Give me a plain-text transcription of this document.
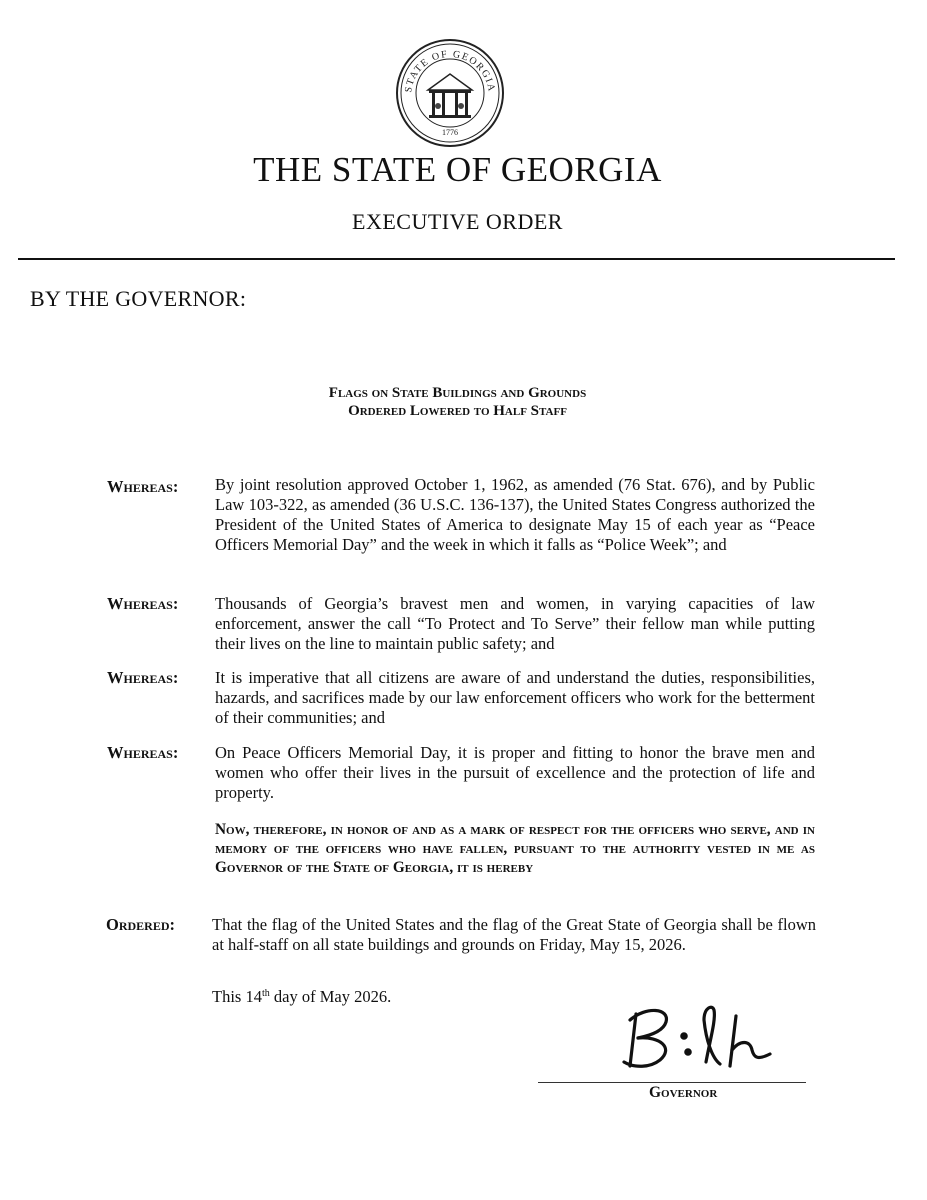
STATE OF GEORGIA
1776
THE STATE OF GEORGIA
EXECUTIVE ORDER
BY THE GOVERNOR:
Flags on State Buildings and Grounds
Ordered Lowered to Half Staff
Whereas: By joint resolution approved October 1, 1962, as amended (76 Stat. 676), and by Public Law 103-322, as amended (36 U.S.C. 136-137), the United States Congress authorized the President of the United States of America to designate May 15 of each year as “Peace Officers Memorial Day” and the week in which it falls as “Police Week”; and
Whereas: Thousands of Georgia’s bravest men and women, in varying capacities of law enforcement, answer the call “To Protect and To Serve” their fellow man while putting their lives on the line to maintain public safety; and
Whereas: It is imperative that all citizens are aware of and understand the duties, responsibilities, hazards, and sacrifices made by our law enforcement officers who work for the betterment of their communities; and
Whereas: On Peace Officers Memorial Day, it is proper and fitting to honor the brave men and women who offer their lives in the pursuit of excellence and the protection of life and property.
Now, therefore, in honor of and as a mark of respect for the officers who serve, and in memory of the officers who have fallen, pursuant to the authority vested in me as Governor of the State of Georgia, it is hereby
Ordered: That the flag of the United States and the flag of the Great State of Georgia shall be flown at half-staff on all state buildings and grounds on Friday, May 15, 2026.
This 14th day of May 2026.
Governor
